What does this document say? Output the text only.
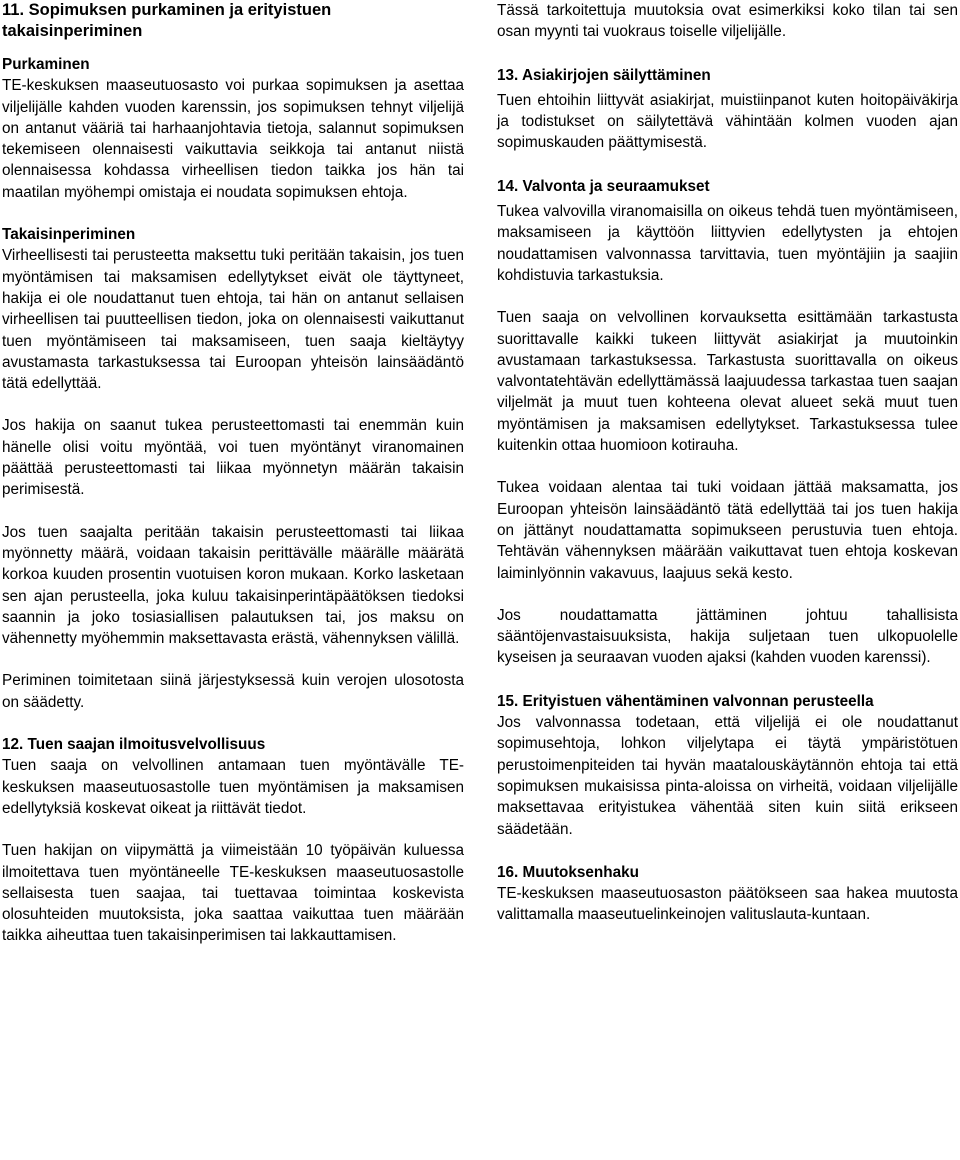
11. Sopimuksen purkaminen ja erityistuen takaisinperiminen
Purkaminen

TE-keskuksen maaseutuosasto voi purkaa sopimuksen ja asettaa viljelijälle kahden vuoden karenssin, jos sopimuksen tehnyt viljelijä on antanut vääriä tai harhaanjohtavia tietoja, salannut sopimuksen tekemiseen olennaisesti vaikuttavia seikkoja tai antanut niistä olennaisessa kohdassa virheellisen tiedon taikka jos hän tai maatilan myöhempi omistaja ei noudata sopimuksen ehtoja.

Takaisinperiminen

Virheellisesti tai perusteetta maksettu tuki peritään takaisin, jos tuen myöntämisen tai maksamisen edellytykset eivät ole täyttyneet, hakija ei ole noudattanut tuen ehtoja, tai hän on antanut sellaisen virheellisen tai puutteellisen tiedon, joka on olennaisesti vaikuttanut tuen myöntämiseen tai maksamiseen, tuen saaja kieltäytyy avustamasta tarkastuksessa tai Euroopan yhteisön lainsäädäntö tätä edellyttää.

Jos hakija on saanut tukea perusteettomasti tai enemmän kuin hänelle olisi voitu myöntää, voi tuen myöntänyt viranomainen päättää perusteettomasti tai liikaa myönnetyn määrän takaisin perimisestä.

Jos tuen saajalta peritään takaisin perusteettomasti tai liikaa myönnetty määrä, voidaan takaisin perittävälle määrälle määrätä korkoa kuuden prosentin vuotuisen koron mukaan. Korko lasketaan sen ajan perusteella, joka kuluu takaisinperintäpäätöksen tiedoksi saannin ja joko tosiasiallisen palautuksen tai, jos maksu on vähennetty myöhemmin maksettavasta erästä, vähennyksen välillä.

Periminen toimitetaan siinä järjestyksessä kuin verojen ulosotosta on säädetty.

12. Tuen saajan ilmoitusvelvollisuus

Tuen saaja on velvollinen antamaan tuen myöntävälle TE-keskuksen maaseutuosastolle tuen myöntämisen ja maksamisen edellytyksiä koskevat oikeat ja riittävät tiedot.

Tuen hakijan on viipymättä ja viimeistään 10 työpäivän kuluessa ilmoitettava tuen myöntäneelle TE-keskuksen maaseutuosastolle sellaisesta tuen saajaa, tai tuettavaa toimintaa koskevista olosuhteiden muutoksista, joka saattaa vaikuttaa tuen määrään taikka aiheuttaa tuen takaisinperimisen tai lakkauttamisen.

Tässä tarkoitettuja muutoksia ovat esimerkiksi koko tilan tai sen osan myynti tai vuokraus toiselle viljelijälle.

13. Asiakirjojen säilyttäminen

Tuen ehtoihin liittyvät asiakirjat, muistiinpanot kuten hoitopäiväkirja ja todistukset on säilytettävä vähintään kolmen vuoden ajan sopimuskauden päättymisestä.

14. Valvonta ja seuraamukset

Tukea valvovilla viranomaisilla on oikeus tehdä tuen myöntämiseen, maksamiseen ja käyttöön liittyvien edellytysten ja ehtojen noudattamisen valvonnassa tarvittavia, tuen myöntäjiin ja saajiin kohdistuvia tarkastuksia.

Tuen saaja on velvollinen korvauksetta esittämään tarkastusta suorittavalle kaikki tukeen liittyvät asiakirjat ja muutoinkin avustamaan tarkastuksessa. Tarkastusta suorittavalla on oikeus valvontatehtävän edellyttämässä laajuudessa tarkastaa tuen saajan viljelmät ja muut tuen kohteena olevat alueet sekä muut tuen myöntämisen ja maksamisen edellytykset. Tarkastuksessa tulee kuitenkin ottaa huomioon kotirauha.

Tukea voidaan alentaa tai tuki voidaan jättää maksamatta, jos Euroopan yhteisön lainsäädäntö tätä edellyttää tai jos tuen hakija on jättänyt noudattamatta sopimukseen perustuvia tuen ehtoja. Tehtävän vähennyksen määrään vaikuttavat tuen ehtoja koskevan laiminlyönnin vakavuus, laajuus sekä kesto.

Jos noudattamatta jättäminen johtuu tahallisista sääntöjenvastaisuuksista, hakija suljetaan tuen ulkopuolelle kyseisen ja seuraavan vuoden ajaksi (kahden vuoden karenssi).

15. Erityistuen vähentäminen valvonnan perusteella

Jos valvonnassa todetaan, että viljelijä ei ole noudattanut sopimusehtoja, lohkon viljelytapa ei täytä ympäristötuen perustoimenpiteiden tai hyvän maatalouskäytännön ehtoja tai että sopimuksen mukaisissa pinta-aloissa on virheitä, voidaan viljelijälle maksettavaa erityistukea vähentää siten kuin siitä erikseen säädetään.

16. Muutoksenhaku

TE-keskuksen maaseutuosaston päätökseen saa hakea muutosta valittamalla maaseutuelinkeinojen valituslauta-kuntaan.
